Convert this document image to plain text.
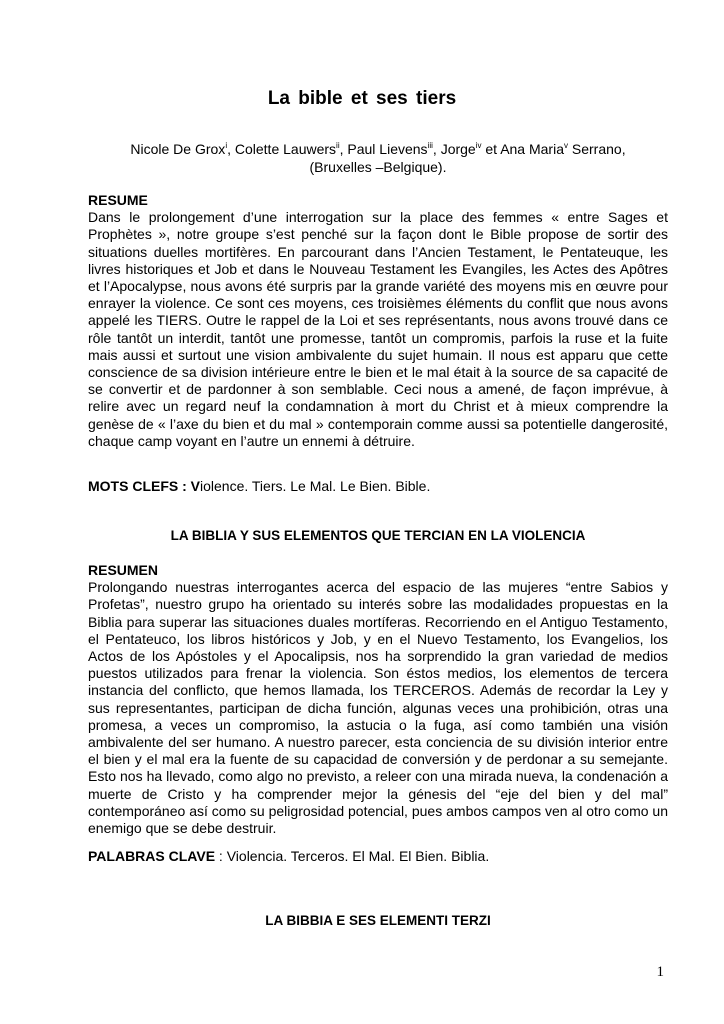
La bible et ses tiers
Nicole De Grox$^i$, Colette Lauwers$^{ii}$, Paul Lievens$^{iii}$, Jorge$^{iv}$ et Ana Maria$^v$ Serrano,
(Bruxelles –Belgique).

RESUME

Dans le prolongement d’une interrogation sur la place des femmes « entre Sages et Prophètes », notre groupe s’est penché sur la façon dont le Bible propose de sortir des situations duelles mortifères. En parcourant dans l’Ancien Testament, le Pentateuque, les livres historiques et Job et dans le Nouveau Testament les Evangiles, les Actes des Apôtres et l’Apocalypse, nous avons été surpris par la grande variété des moyens mis en œuvre pour enrayer la violence. Ce sont ces moyens, ces troisièmes éléments du conflit que nous avons appelé les TIERS. Outre le rappel de la Loi et ses représentants, nous avons trouvé dans ce rôle tantôt un interdit, tantôt une promesse, tantôt un compromis, parfois la ruse et la fuite mais aussi et surtout une vision ambivalente du sujet humain. Il nous est apparu que cette conscience de sa division intérieure entre le bien et le mal était à la source de sa capacité de se convertir et de pardonner à son semblable. Ceci nous a amené, de façon imprévue, à relire avec un regard neuf la condamnation à mort du Christ et à mieux comprendre la genèse de « l’axe du bien et du mal » contemporain comme aussi sa potentielle dangerosité, chaque camp voyant en l’autre un ennemi à détruire.

MOTS CLEFS : Violence. Tiers. Le Mal. Le Bien. Bible.

LA BIBLIA Y SUS ELEMENTOS QUE TERCIAN EN LA VIOLENCIA

RESUMEN

Prolongando nuestras interrogantes acerca del espacio de las mujeres “entre Sabios y Profetas”, nuestro grupo ha orientado su interés sobre las modalidades propuestas en la Biblia para superar las situaciones duales mortíferas. Recorriendo en el Antiguo Testamento, el Pentateuco, los libros históricos y Job, y en el Nuevo Testamento, los Evangelios, los Actos de los Apóstoles y el Apocalipsis, nos ha sorprendido la gran variedad de medios puestos utilizados para frenar la violencia. Son éstos medios, los elementos de tercera instancia del conflicto, que hemos llamada, los TERCEROS. Además de recordar la Ley y sus representantes, participan de dicha función, algunas veces una prohibición, otras una promesa, a veces un compromiso, la astucia o la fuga, así como también una visión ambivalente del ser humano. A nuestro parecer, esta conciencia de su división interior entre el bien y el mal era la fuente de su capacidad de conversión y de perdonar a su semejante. Esto nos ha llevado, como algo no previsto, a releer con una mirada nueva, la condenación a muerte de Cristo y ha comprender mejor la génesis del “eje del bien y del mal” contemporáneo así como su peligrosidad potencial, pues ambos campos ven al otro como un enemigo que se debe destruir.

PALABRAS CLAVE : Violencia. Terceros. El Mal. El Bien. Biblia.

LA BIBBIA E SES ELEMENTI TERZI

1
